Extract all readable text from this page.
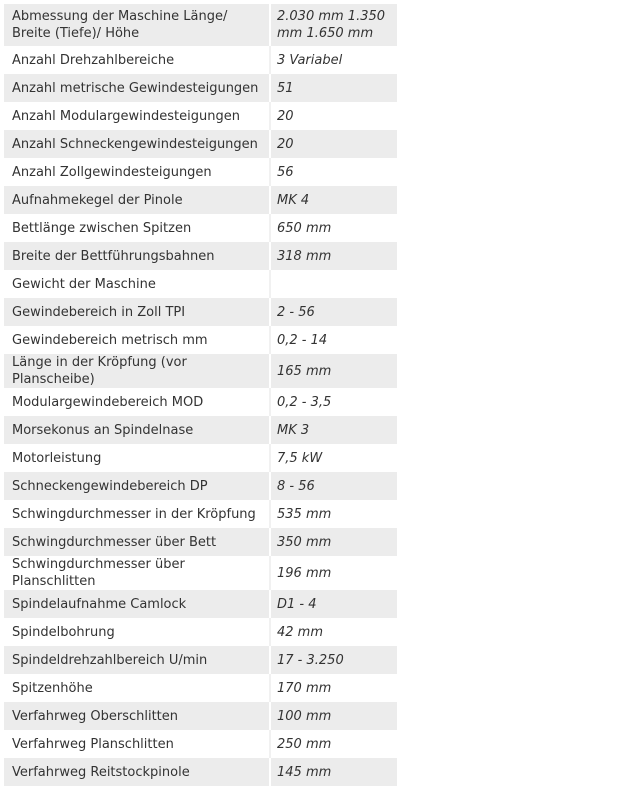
Abmessung der Maschine Länge/ Breite (Tiefe)/ Höhe	2.030 mm 1.350 mm 1.650 mm
Anzahl Drehzahlbereiche	3 Variabel
Anzahl metrische Gewindesteigungen	51
Anzahl Modulargewindesteigungen	20
Anzahl Schneckengewindesteigungen	20
Anzahl Zollgewindesteigungen	56
Aufnahmekegel der Pinole	MK 4
Bettlänge zwischen Spitzen	650 mm
Breite der Bettführungsbahnen	318 mm
Gewicht der Maschine	
Gewindebereich in Zoll TPI	2 - 56
Gewindebereich metrisch mm	0,2 - 14
Länge in der Kröpfung (vor Planscheibe)	165 mm
Modulargewindebereich MOD	0,2 - 3,5
Morsekonus an Spindelnase	MK 3
Motorleistung	7,5 kW
Schneckengewindebereich DP	8 - 56
Schwingdurchmesser in der Kröpfung	535 mm
Schwingdurchmesser über Bett	350 mm
Schwingdurchmesser über Planschlitten	196 mm
Spindelaufnahme Camlock	D1 - 4
Spindelbohrung	42 mm
Spindeldrehzahlbereich U/min	17 - 3.250
Spitzenhöhe	170 mm
Verfahrweg Oberschlitten	100 mm
Verfahrweg Planschlitten	250 mm
Verfahrweg Reitstockpinole	145 mm
